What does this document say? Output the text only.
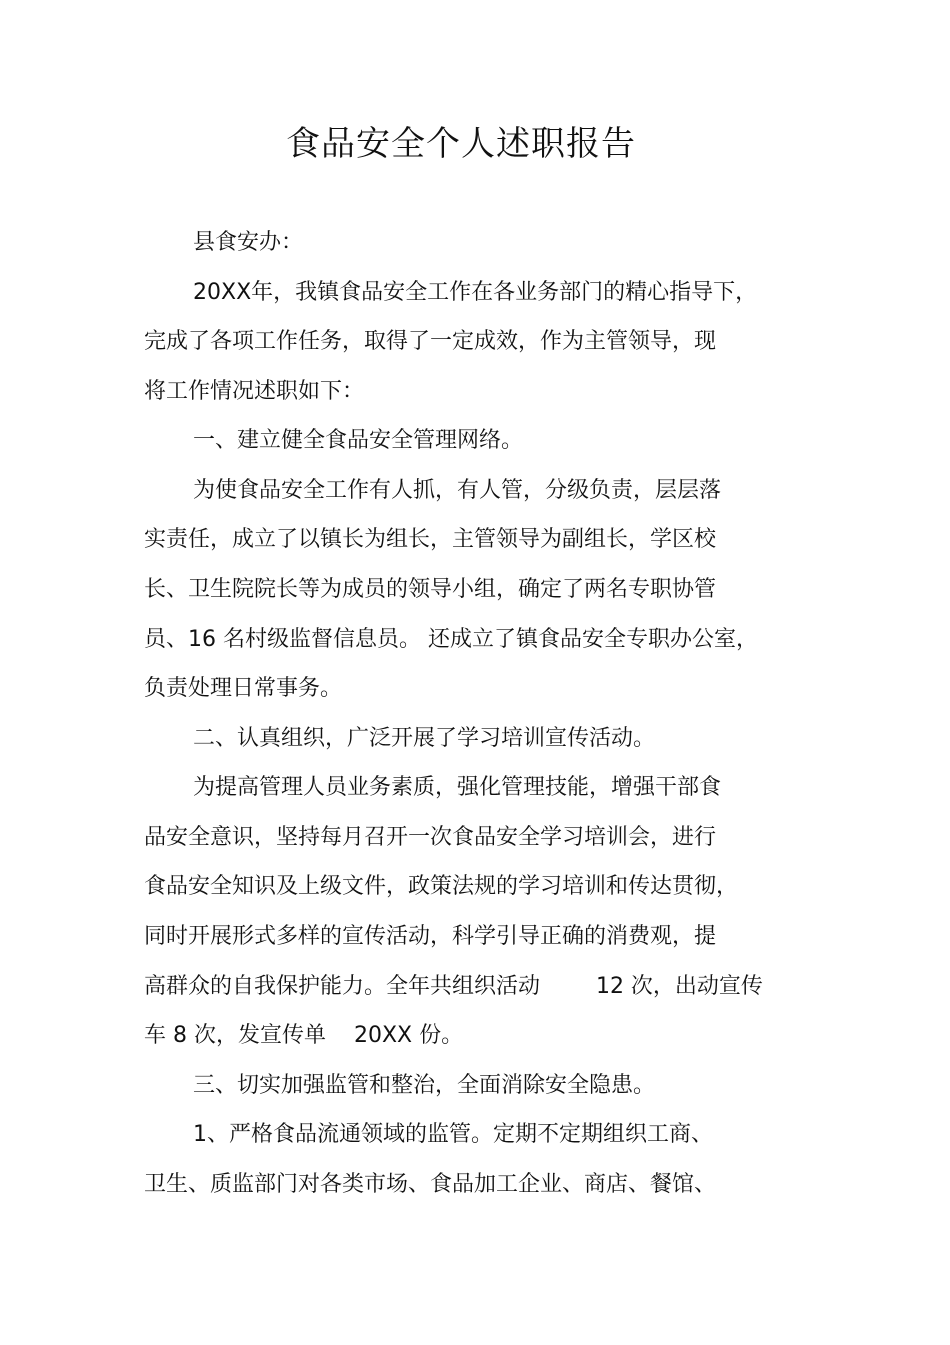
食品安全个人述职报告

县食安办：

20XX年，我镇食品安全工作在各业务部门的精心指导下，

完成了各项工作任务，取得了一定成效，作为主管领导，现

将工作情况述职如下：

一、建立健全食品安全管理网络。

为使食品安全工作有人抓，有人管，分级负责，层层落

实责任，成立了以镇长为组长，主管领导为副组长，学区校

长、卫生院院长等为成员的领导小组，确定了两名专职协管

员、16 名村级监督信息员。 还成立了镇食品安全专职办公室，

负责处理日常事务。

二、认真组织，广泛开展了学习培训宣传活动。

为提高管理人员业务素质，强化管理技能，增强干部食

品安全意识，坚持每月召开一次食品安全学习培训会，进行

食品安全知识及上级文件，政策法规的学习培训和传达贯彻，

同时开展形式多样的宣传活动，科学引导正确的消费观，提

高群众的自我保护能力。全年共组织活动        12 次，出动宣传

车 8 次，发宣传单    20XX 份。

三、切实加强监管和整治，全面消除安全隐患。

1、严格食品流通领域的监管。定期不定期组织工商、

卫生、质监部门对各类市场、食品加工企业、商店、餐馆、
